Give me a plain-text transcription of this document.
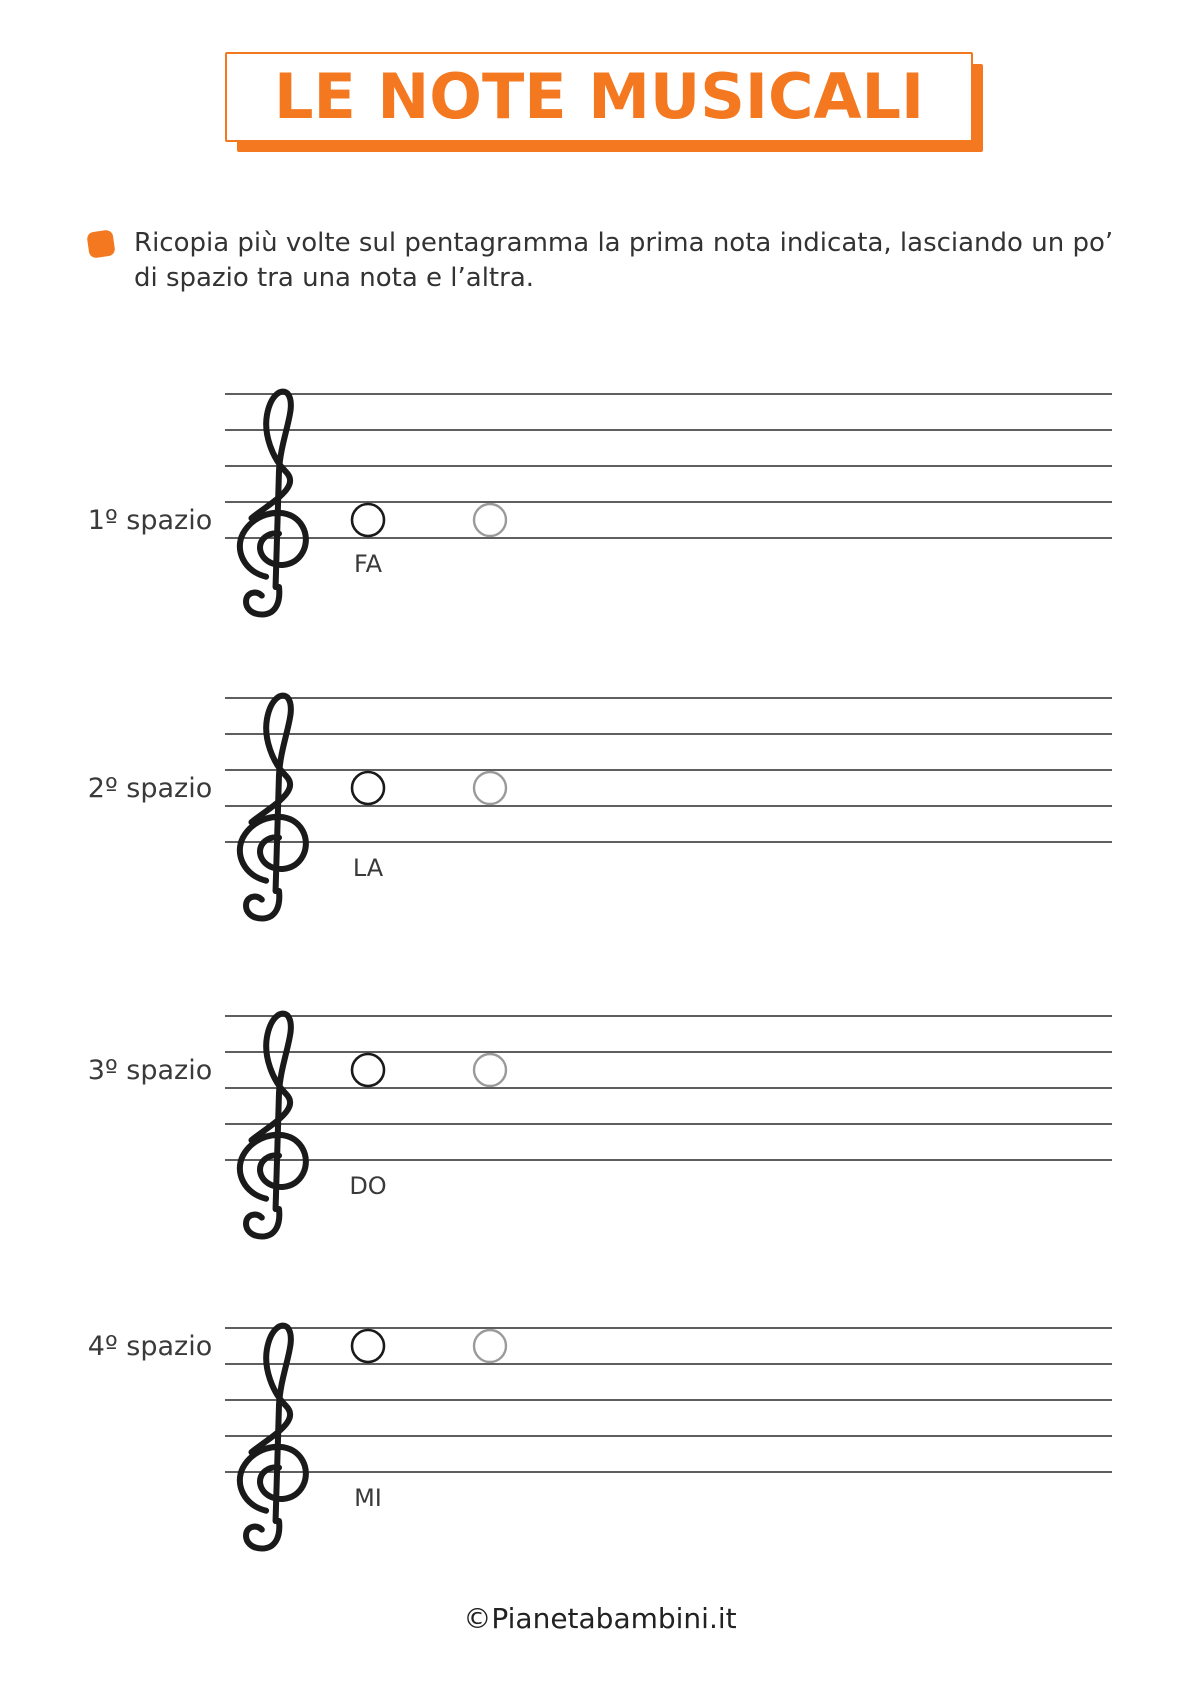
LE NOTE MUSICALI
Ricopia più volte sul pentagramma la prima nota indicata, lasciando un po’ di spazio tra una nota e l’altra.
1º spazio
FA
2º spazio
LA
3º spazio
DO
4º spazio
MI
©Pianetabambini.it
